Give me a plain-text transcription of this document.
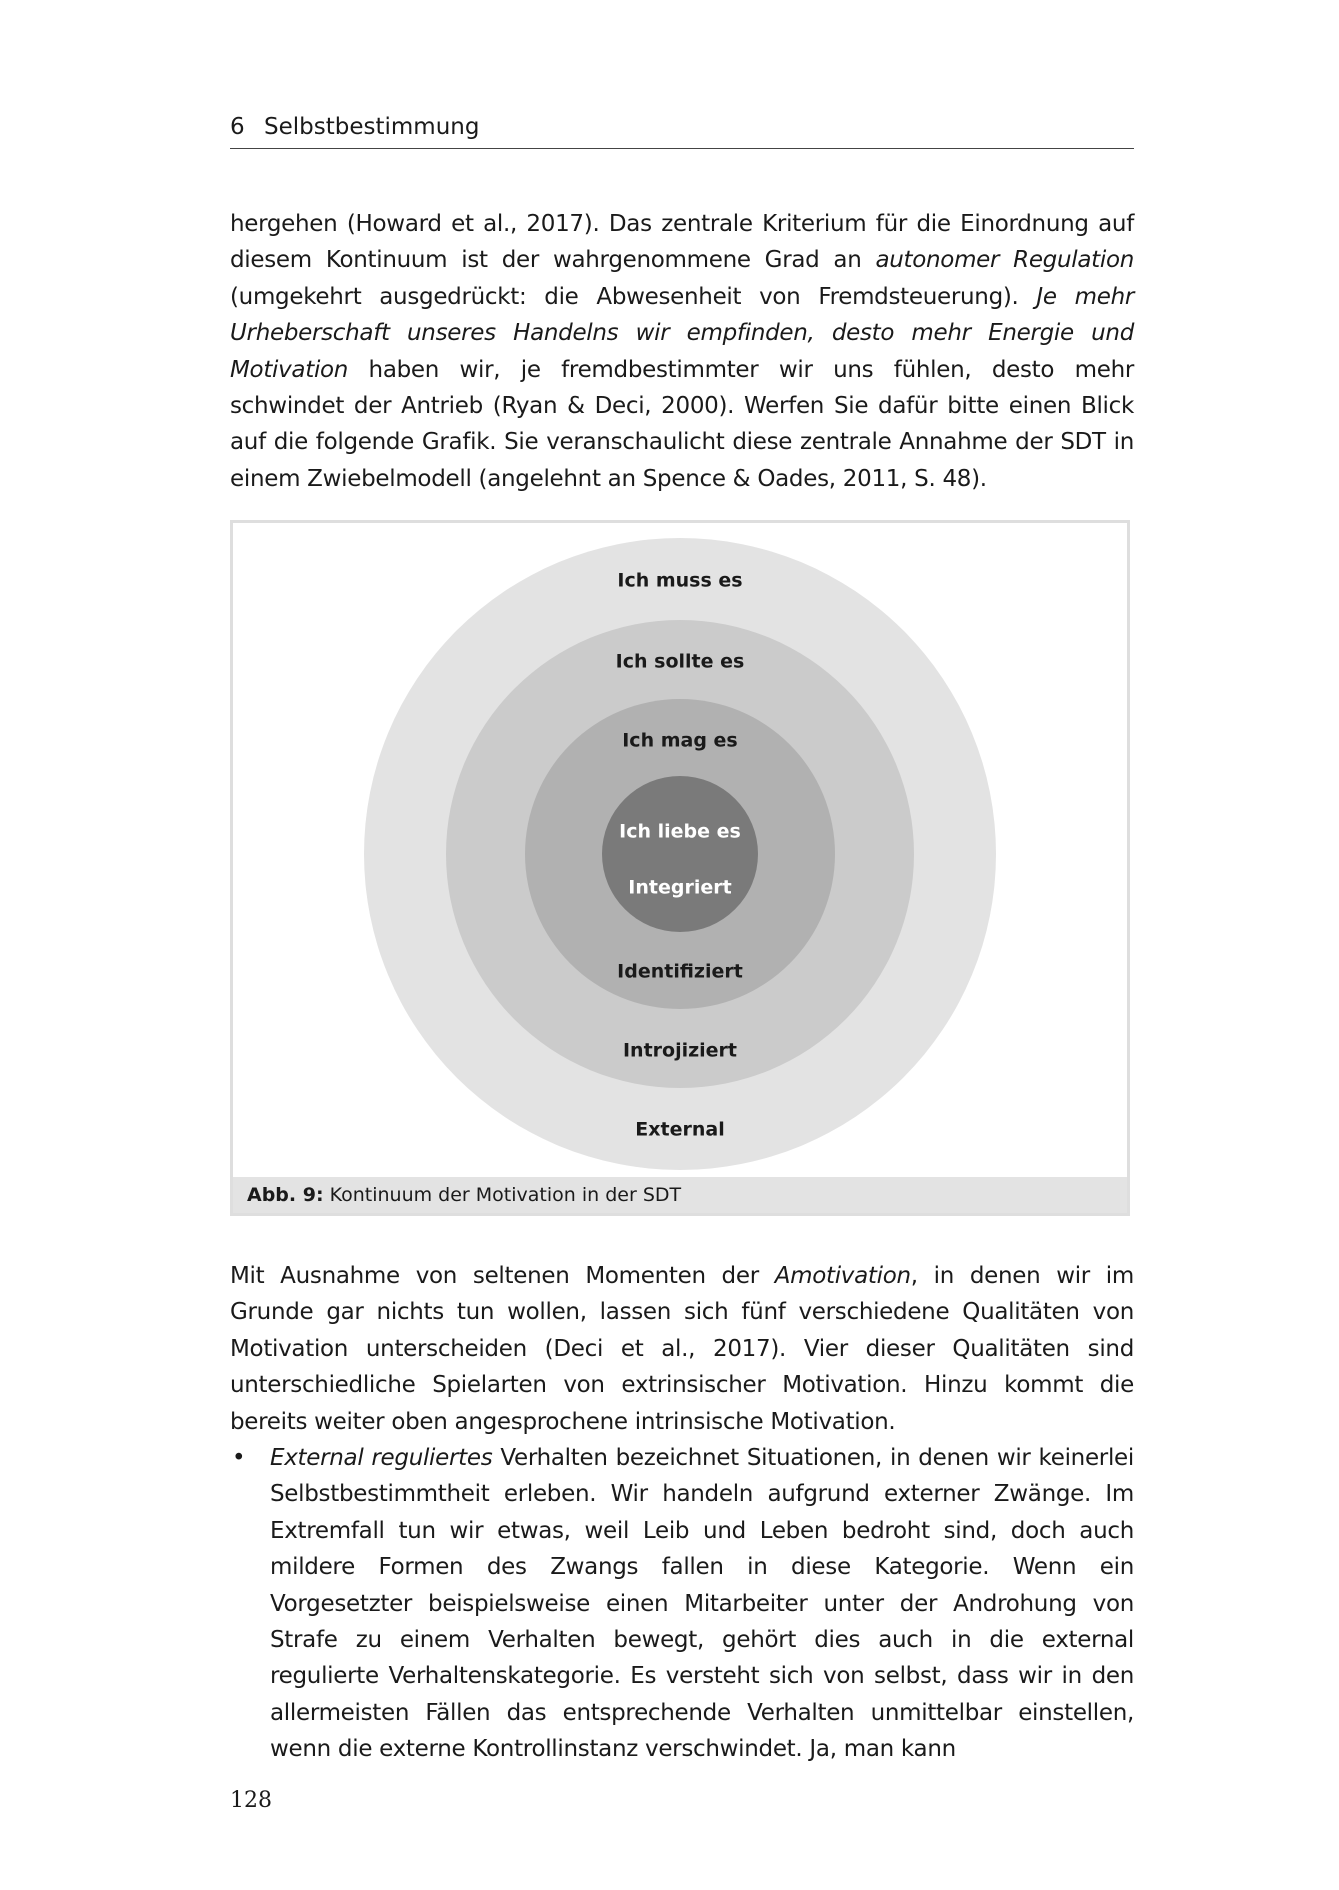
6 Selbstbestimmung

hergehen (Howard et al., 2017). Das zentrale Kriterium für die Einordnung auf diesem Kontinuum ist der wahrgenommene Grad an autonomer Regulation (umgekehrt ausgedrückt: die Abwesenheit von Fremdsteuerung). Je mehr Urheberschaft unseres Handelns wir empfinden, desto mehr Energie und Motivation haben wir, je fremdbestimmter wir uns fühlen, desto mehr schwindet der Antrieb (Ryan & Deci, 2000). Werfen Sie dafür bitte einen Blick auf die folgende Grafik. Sie veranschaulicht diese zentrale Annahme der SDT in einem Zwiebelmodell (angelehnt an Spence & Oades, 2011, S. 48).

Ich muss es
External
Ich sollte es
Introjiziert
Ich mag es
Identifiziert
Ich liebe es
Integriert
Abb. 9: Kontinuum der Motivation in der SDT

Mit Ausnahme von seltenen Momenten der Amotivation, in denen wir im Grunde gar nichts tun wollen, lassen sich fünf verschiedene Qualitäten von Motivation unterscheiden (Deci et al., 2017). Vier dieser Qualitäten sind unterschiedliche Spielarten von extrinsischer Motivation. Hinzu kommt die bereits weiter oben angesprochene intrinsische Motivation.

• External reguliertes Verhalten bezeichnet Situationen, in denen wir keinerlei Selbstbestimmtheit erleben. Wir handeln aufgrund externer Zwänge. Im Extremfall tun wir etwas, weil Leib und Leben bedroht sind, doch auch mildere Formen des Zwangs fallen in diese Kategorie. Wenn ein Vorgesetzter beispielsweise einen Mitarbeiter unter der Androhung von Strafe zu einem Verhalten bewegt, gehört dies auch in die external regulierte Verhaltenskategorie. Es versteht sich von selbst, dass wir in den allermeisten Fällen das entsprechende Verhalten unmittelbar einstellen, wenn die externe Kontrollinstanz verschwindet. Ja, man kann
128
